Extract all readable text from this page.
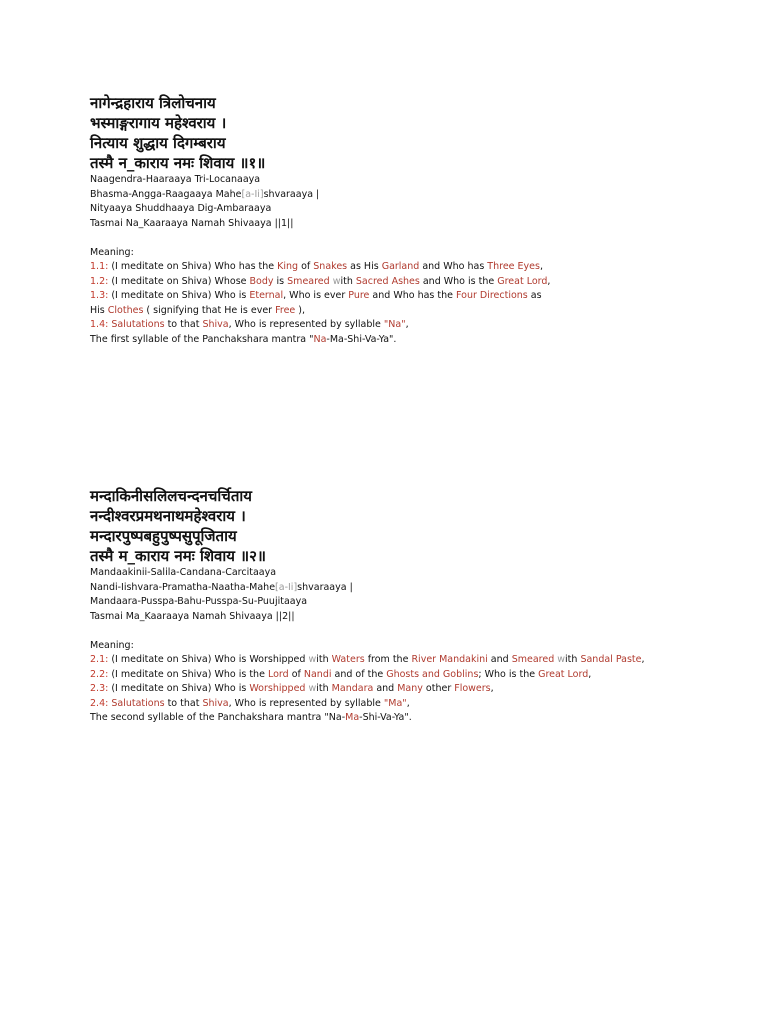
नागेन्द्रहाराय त्रिलोचनाय
भस्माङ्गरागाय महेश्वराय ।
नित्याय शुद्धाय दिगम्बराय
तस्मै न_काराय नमः शिवाय ॥१॥
Naagendra-Haaraaya Tri-Locanaaya
Bhasma-Angga-Raagaaya Mahe[a-Ii]shvaraaya |
Nityaaya Shuddhaaya Dig-Ambaraaya
Tasmai Na_Kaaraaya Namah Shivaaya ||1||
Meaning:
1.1: (I meditate on Shiva) Who has the King of Snakes as His Garland and Who has Three Eyes,
1.2: (I meditate on Shiva) Whose Body is Smeared with Sacred Ashes and Who is the Great Lord,
1.3: (I meditate on Shiva) Who is Eternal, Who is ever Pure and Who has the Four Directions as
His Clothes ( signifying that He is ever Free ),
1.4: Salutations to that Shiva, Who is represented by syllable "Na",
The first syllable of the Panchakshara mantra "Na-Ma-Shi-Va-Ya".
मन्दाकिनीसलिलचन्दनचर्चिताय
नन्दीश्वरप्रमथनाथमहेश्वराय ।
मन्दारपुष्पबहुपुष्पसुपूजिताय
तस्मै म_काराय नमः शिवाय ॥२॥
Mandaakinii-Salila-Candana-Carcitaaya
Nandi-Iishvara-Pramatha-Naatha-Mahe[a-Ii]shvaraaya |
Mandaara-Pusspa-Bahu-Pusspa-Su-Puujitaaya
Tasmai Ma_Kaaraaya Namah Shivaaya ||2||
Meaning:
2.1: (I meditate on Shiva) Who is Worshipped with Waters from the River Mandakini and Smeared with Sandal Paste,
2.2: (I meditate on Shiva) Who is the Lord of Nandi and of the Ghosts and Goblins; Who is the Great Lord,
2.3: (I meditate on Shiva) Who is Worshipped with Mandara and Many other Flowers,
2.4: Salutations to that Shiva, Who is represented by syllable "Ma",
The second syllable of the Panchakshara mantra "Na-Ma-Shi-Va-Ya".
